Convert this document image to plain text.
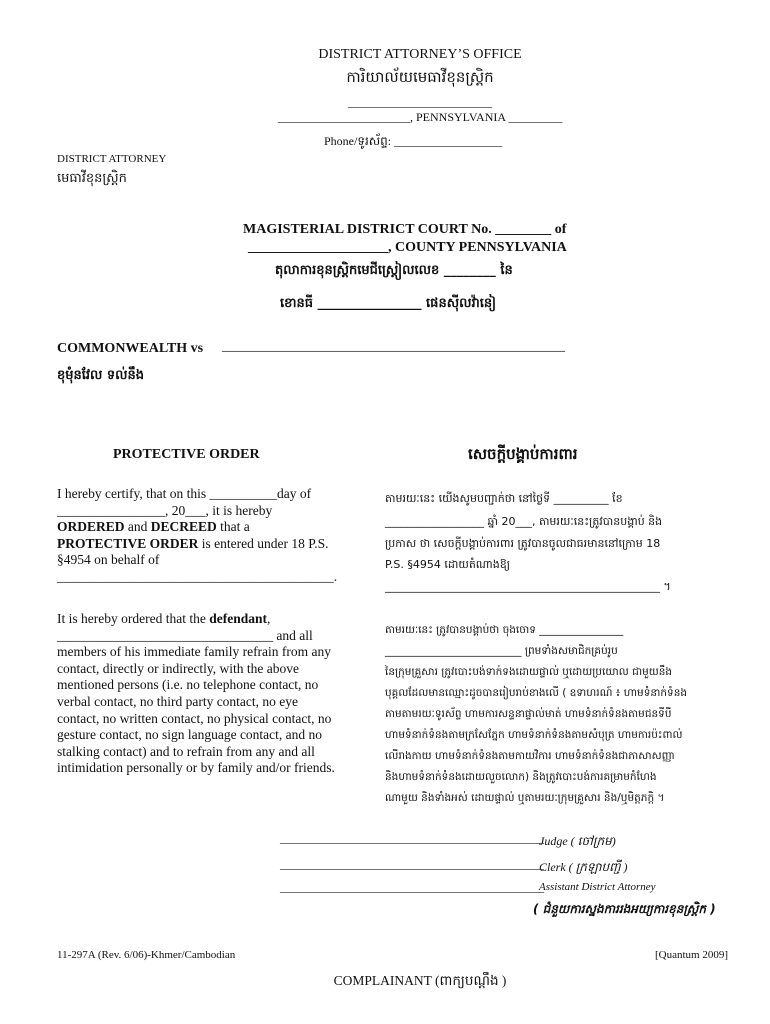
DISTRICT ATTORNEY’S OFFICE
ការិយាល័យមេធាវីខុនស្រ្តិក
________________________
______________________, PENNSYLVANIA _________
Phone/ទូរស័ព្ទ: __________________
DISTRICT ATTORNEY
មេធាវីខុនស្រ្តិក
MAGISTERIAL DISTRICT COURT No. ________ of
____________________, COUNTY PENNSYLVANIA
តុលាការខុនស្រ្តិកមេជីស្ត្រៀលលេខ ________ នៃ
ខោនធី ________________ ផេនស៊ីលវ៉ានៀ
COMMONWEALTH vs _________________________________________________
ខុមុំនវែល ទល់នឹង
PROTECTIVE ORDER	សេចក្តីបង្គាប់ការពារ
I hereby certify, that on this __________day of
________________, 20___, it is hereby
ORDERED and DECREED that a
PROTECTIVE ORDER is entered under 18 P.S.
§4954 on behalf of
_________________________________________.
តាមរយៈនេះ យើងសូមបញ្ជាក់ថា នៅថ្ងៃទី __________ ខែ
__________________ ឆ្នាំ 20___, តាមរយៈនេះត្រូវបានបង្គាប់ និង
ប្រកាស ថា សេចក្តីបង្គាប់ការពារ ត្រូវបានចូលជាធរមាននៅក្រោម 18
P.S. §4954 ដោយតំណាងឱ្យ
__________________________________________________ ។
It is hereby ordered that the defendant,
________________________________ and all
members of his immediate family refrain from any
contact, directly or indirectly, with the above
mentioned persons (i.e. no telephone contact, no
verbal contact, no third party contact, no eye
contact, no written contact, no physical contact, no
gesture contact, no sign language contact, and no
stalking contact) and to refrain from any and all
intimidation personally or by family and/or friends.
តាមរយៈនេះ ត្រូវបានបង្គាប់ថា ចុងចោទ ________________
__________________________ ព្រមទាំងសមាជិកគ្រប់រូប
នៃក្រុមគ្រួសារ ត្រូវបោះបង់ទាក់ទងដោយផ្ទាល់ ឬដោយប្រយោល ជាមួយនឹង
បុគ្គលដែលមានឈ្មោះដូចបានរៀបរាប់ខាងលើ ( ឧទាហរណ៍ ៖ ហាមទំនាក់ទំនង
តាមតាមរយៈទូរស័ព្ទ ហាមការសន្ទនាផ្ទាល់មាត់ ហាមទំនាក់ទំនងតាមជនទីបី
ហាមទំនាក់ទំនងតាមក្រសែភ្នែក ហាមទំនាក់ទំនងតាមសំបុត្រ ហាមការប៉ះពាល់
លើរាងកាយ ហាមទំនាក់ទំនងតាមកាយវិការ ហាមទំនាក់ទំនងជាភាសាសញ្ញា
និងហាមទំនាក់ទំនងដោយលួចលោក) និងត្រូវបោះបង់ការគម្រាមកំហែង
ណាមួយ និងទាំងអស់ ដោយផ្ទាល់ ឬតាមរយៈក្រុមគ្រួសារ និង/ឬមិត្តភក្តិ ។
____________________________________________
Judge ( ចៅក្រម)
____________________________________________
Clerk ( ក្រឡាបញ្ជី )
____________________________________________
Assistant District Attorney
( ជំនួយការស្នងការរងអយ្យការខុនស្រ្តិក )
11-297A (Rev. 6/06)-Khmer/Cambodian	[Quantum 2009]
COMPLAINANT (ពាក្យបណ្តឹង )
